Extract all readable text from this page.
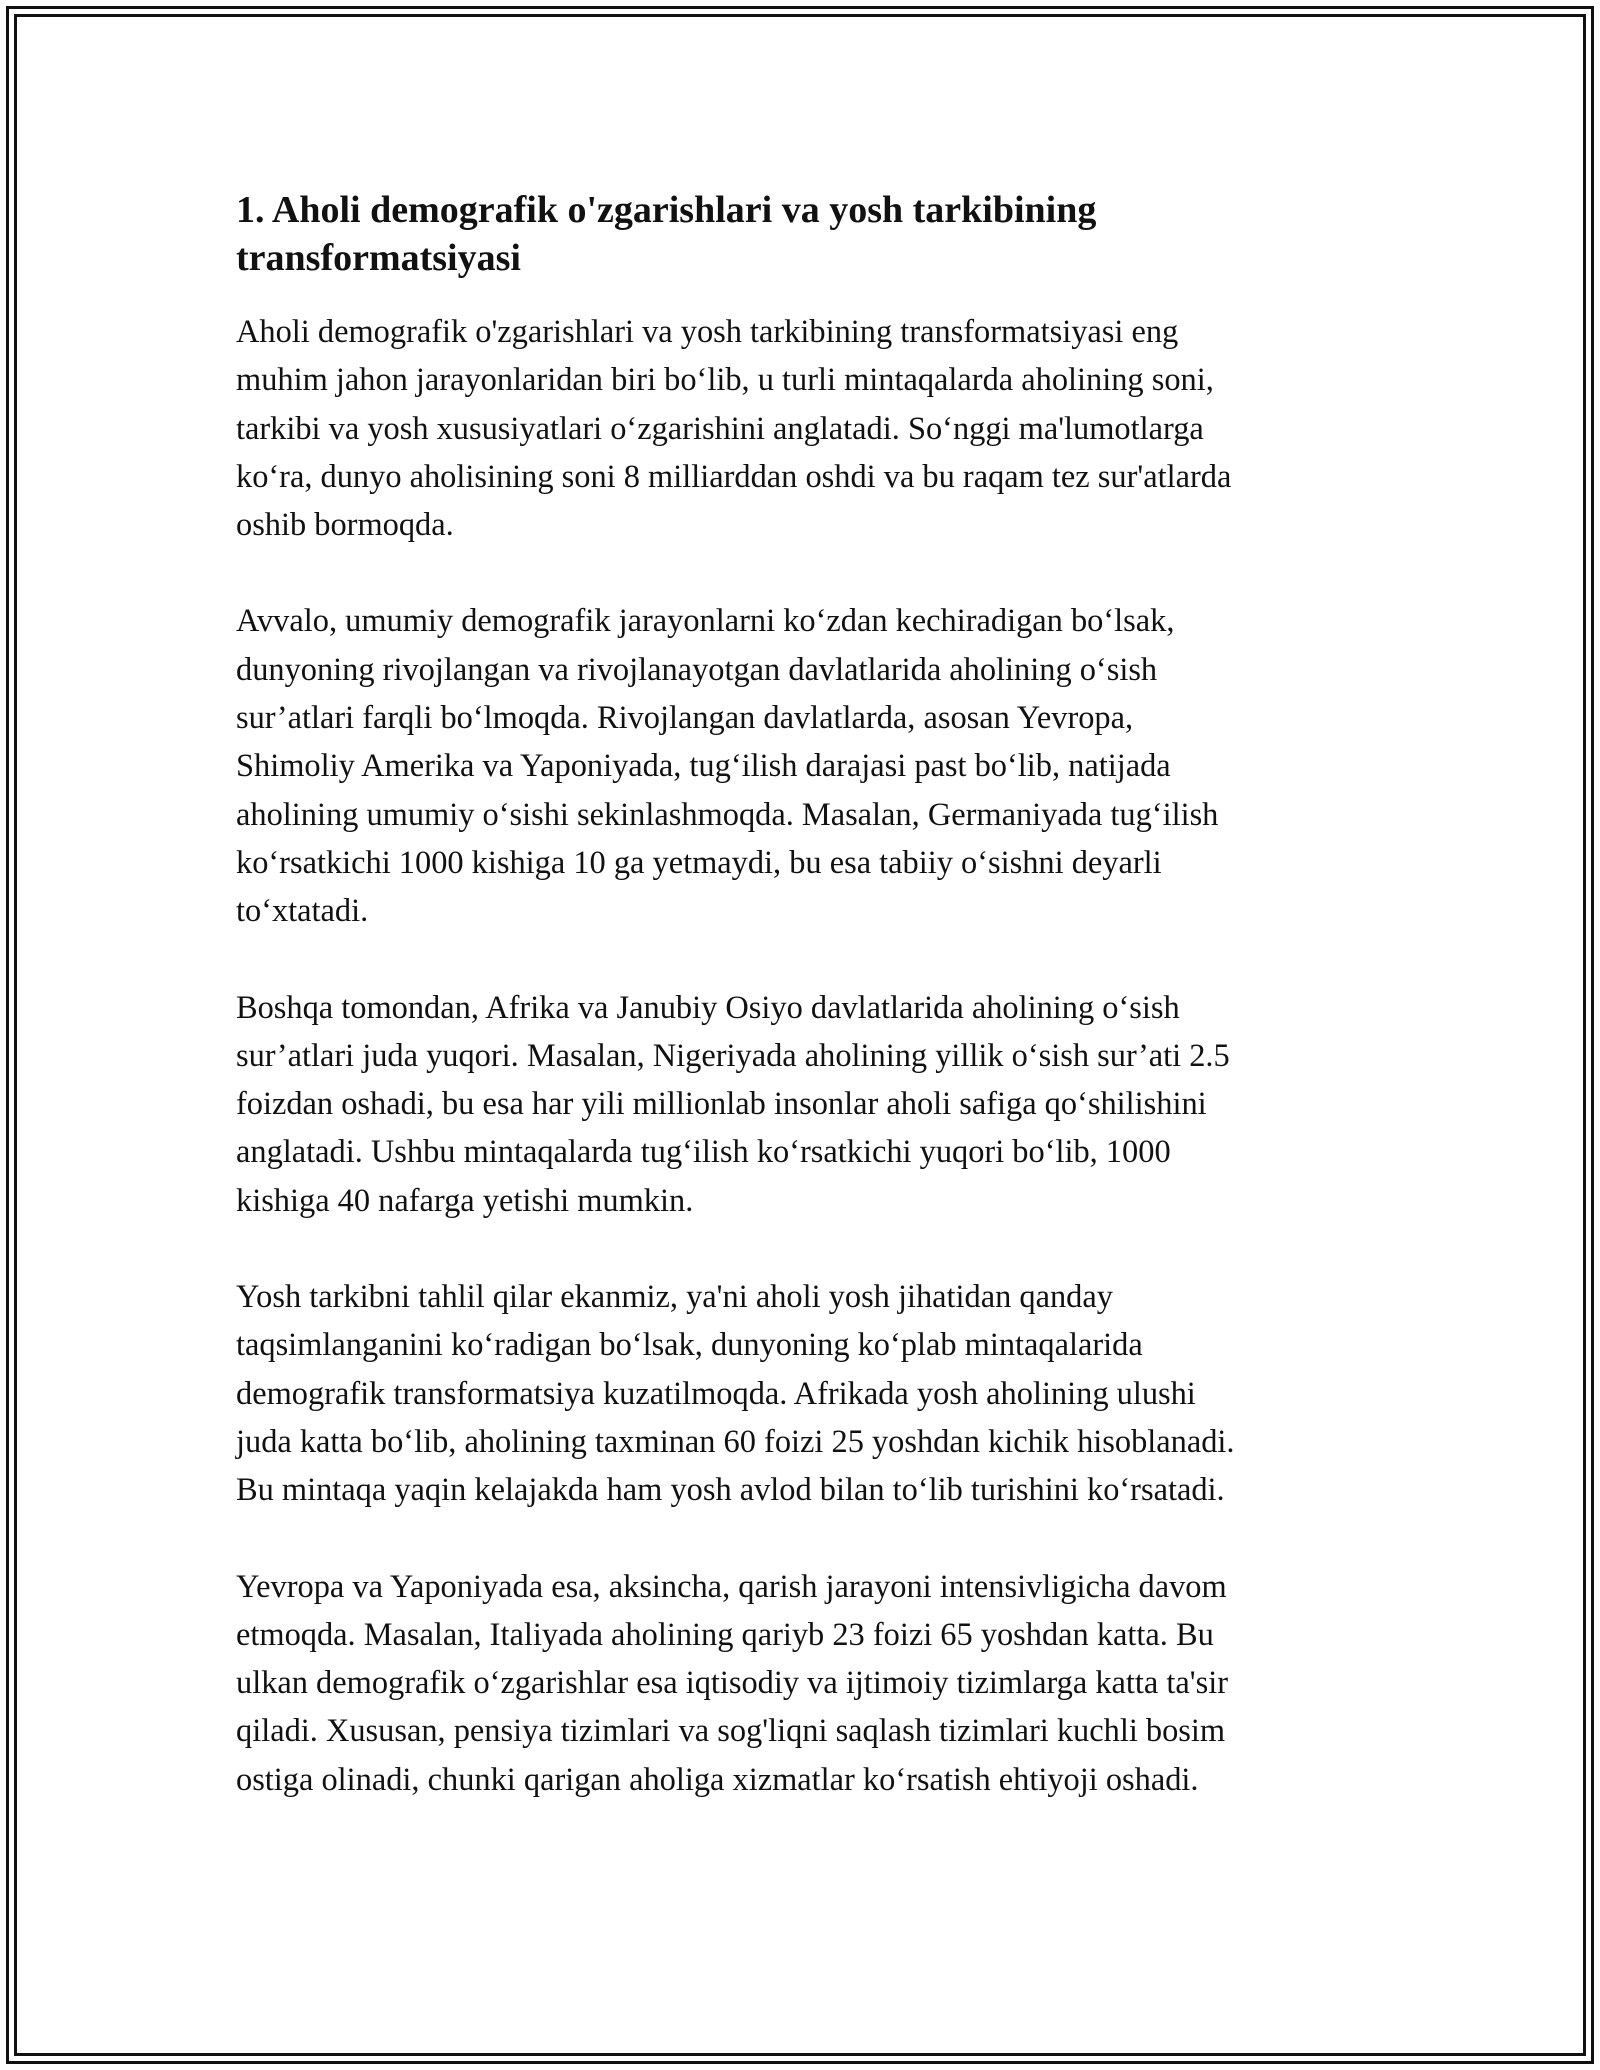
1. Aholi demografik o'zgarishlari va yosh tarkibining
transformatsiyasi

Aholi demografik o'zgarishlari va yosh tarkibining transformatsiyasi eng
muhim jahon jarayonlaridan biri boʻlib, u turli mintaqalarda aholining soni,
tarkibi va yosh xususiyatlari oʻzgarishini anglatadi. Soʻnggi ma'lumotlarga
koʻra, dunyo aholisining soni 8 milliarddan oshdi va bu raqam tez sur'atlarda
oshib bormoqda.

Avvalo, umumiy demografik jarayonlarni koʻzdan kechiradigan boʻlsak,
dunyoning rivojlangan va rivojlanayotgan davlatlarida aholining oʻsish
sur’atlari farqli boʻlmoqda. Rivojlangan davlatlarda, asosan Yevropa,
Shimoliy Amerika va Yaponiyada, tugʻilish darajasi past boʻlib, natijada
aholining umumiy oʻsishi sekinlashmoqda. Masalan, Germaniyada tugʻilish
koʻrsatkichi 1000 kishiga 10 ga yetmaydi, bu esa tabiiy oʻsishni deyarli
toʻxtatadi.

Boshqa tomondan, Afrika va Janubiy Osiyo davlatlarida aholining oʻsish
sur’atlari juda yuqori. Masalan, Nigeriyada aholining yillik oʻsish sur’ati 2.5
foizdan oshadi, bu esa har yili millionlab insonlar aholi safiga qoʻshilishini
anglatadi. Ushbu mintaqalarda tugʻilish koʻrsatkichi yuqori boʻlib, 1000
kishiga 40 nafarga yetishi mumkin.

Yosh tarkibni tahlil qilar ekanmiz, ya'ni aholi yosh jihatidan qanday
taqsimlanganini koʻradigan boʻlsak, dunyoning koʻplab mintaqalarida
demografik transformatsiya kuzatilmoqda. Afrikada yosh aholining ulushi
juda katta boʻlib, aholining taxminan 60 foizi 25 yoshdan kichik hisoblanadi.
Bu mintaqa yaqin kelajakda ham yosh avlod bilan toʻlib turishini koʻrsatadi.

Yevropa va Yaponiyada esa, aksincha, qarish jarayoni intensivligicha davom
etmoqda. Masalan, Italiyada aholining qariyb 23 foizi 65 yoshdan katta. Bu
ulkan demografik oʻzgarishlar esa iqtisodiy va ijtimoiy tizimlarga katta ta'sir
qiladi. Xususan, pensiya tizimlari va sog'liqni saqlash tizimlari kuchli bosim
ostiga olinadi, chunki qarigan aholiga xizmatlar koʻrsatish ehtiyoji oshadi.
